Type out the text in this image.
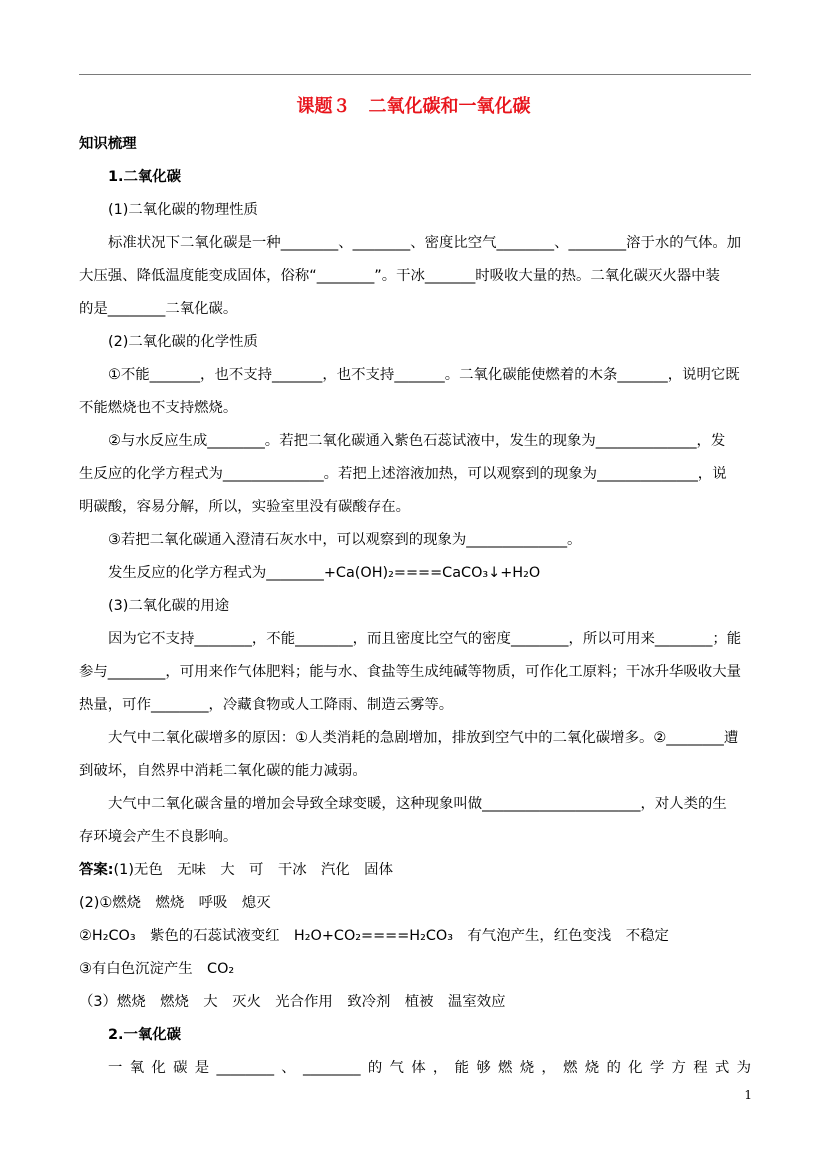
课题３　二氧化碳和一氧化碳

知识梳理

1.二氧化碳

(1)二氧化碳的物理性质

标准状况下二氧化碳是一种________、________、密度比空气________、________溶于水的气体。加

大压强、降低温度能变成固体，俗称“________”。干冰_______时吸收大量的热。二氧化碳灭火器中装

的是________二氧化碳。

(2)二氧化碳的化学性质

①不能_______，也不支持_______，也不支持_______。二氧化碳能使燃着的木条_______，说明它既

不能燃烧也不支持燃烧。

②与水反应生成________。若把二氧化碳通入紫色石蕊试液中，发生的现象为______________，发

生反应的化学方程式为______________。若把上述溶液加热，可以观察到的现象为______________，说

明碳酸，容易分解，所以，实验室里没有碳酸存在。

③若把二氧化碳通入澄清石灰水中，可以观察到的现象为______________。

发生反应的化学方程式为________+Ca(OH)₂====CaCO₃↓+H₂O

(3)二氧化碳的用途

因为它不支持________，不能________，而且密度比空气的密度________，所以可用来________；能

参与________，可用来作气体肥料；能与水、食盐等生成纯碱等物质，可作化工原料；干冰升华吸收大量

热量，可作________，冷藏食物或人工降雨、制造云雾等。

大气中二氧化碳增多的原因：①人类消耗的急剧增加，排放到空气中的二氧化碳增多。②________遭

到破坏，自然界中消耗二氧化碳的能力减弱。

大气中二氧化碳含量的增加会导致全球变暖，这种现象叫做______________________，对人类的生

存环境会产生不良影响。

答案:(1)无色　无味　大　可　干冰　汽化　固体

(2)①燃烧　燃烧　呼吸　熄灭

②H₂CO₃　紫色的石蕊试液变红　H₂O+CO₂====H₂CO₃　有气泡产生，红色变浅　不稳定

③有白色沉淀产生　CO₂

（3）燃烧　燃烧　大　灭火　光合作用　致冷剂　植被　温室效应

2.一氧化碳

一氧化碳是________、________的气体，能够燃烧，燃烧的化学方程式为

1
